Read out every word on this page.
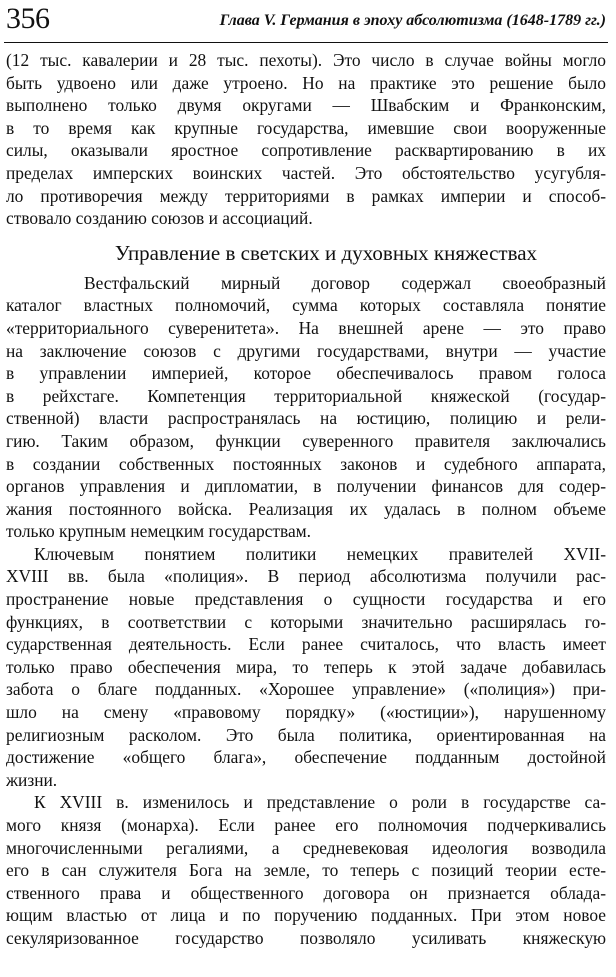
356	Глава V. Германия в эпоху абсолютизма (1648-1789 гг.)
(12 тыс. кавалерии и 28 тыс. пехоты). Это число в случае войны могло
быть удвоено или даже утроено. Но на практике это решение было
выполнено только двумя округами — Швабским и Франконским,
в то время как крупные государства, имевшие свои вооруженные
силы, оказывали яростное сопротивление расквартированию в их
пределах имперских воинских частей. Это обстоятельство усугубля-
ло противоречия между территориями в рамках империи и способ-
ствовало созданию союзов и ассоциаций.
Управление в светских и духовных княжествах
Вестфальский мирный договор содержал своеобразный
каталог властных полномочий, сумма которых составляла понятие
«территориального суверенитета». На внешней арене — это право
на заключение союзов с другими государствами, внутри — участие
в управлении империей, которое обеспечивалось правом голоса
в рейхстаге. Компетенция территориальной княжеской (государ-
ственной) власти распространялась на юстицию, полицию и рели-
гию. Таким образом, функции суверенного правителя заключались
в создании собственных постоянных законов и судебного аппарата,
органов управления и дипломатии, в получении финансов для содер-
жания постоянного войска. Реализация их удалась в полном объеме
только крупным немецким государствам.
Ключевым понятием политики немецких правителей XVII-
XVIII вв. была «полиция». В период абсолютизма получили рас-
пространение новые представления о сущности государства и его
функциях, в соответствии с которыми значительно расширялась го-
сударственная деятельность. Если ранее считалось, что власть имеет
только право обеспечения мира, то теперь к этой задаче добавилась
забота о благе подданных. «Хорошее управление» («полиция») при-
шло на смену «правовому порядку» («юстиции»), нарушенному
религиозным расколом. Это была политика, ориентированная на
достижение «общего блага», обеспечение подданным достойной
жизни.
К XVIII в. изменилось и представление о роли в государстве са-
мого князя (монарха). Если ранее его полномочия подчеркивались
многочисленными регалиями, а средневековая идеология возводила
его в сан служителя Бога на земле, то теперь с позиций теории есте-
ственного права и общественного договора он признается облада-
ющим властью от лица и по поручению подданных. При этом новое
секуляризованное государство позволяло усиливать княжескую
